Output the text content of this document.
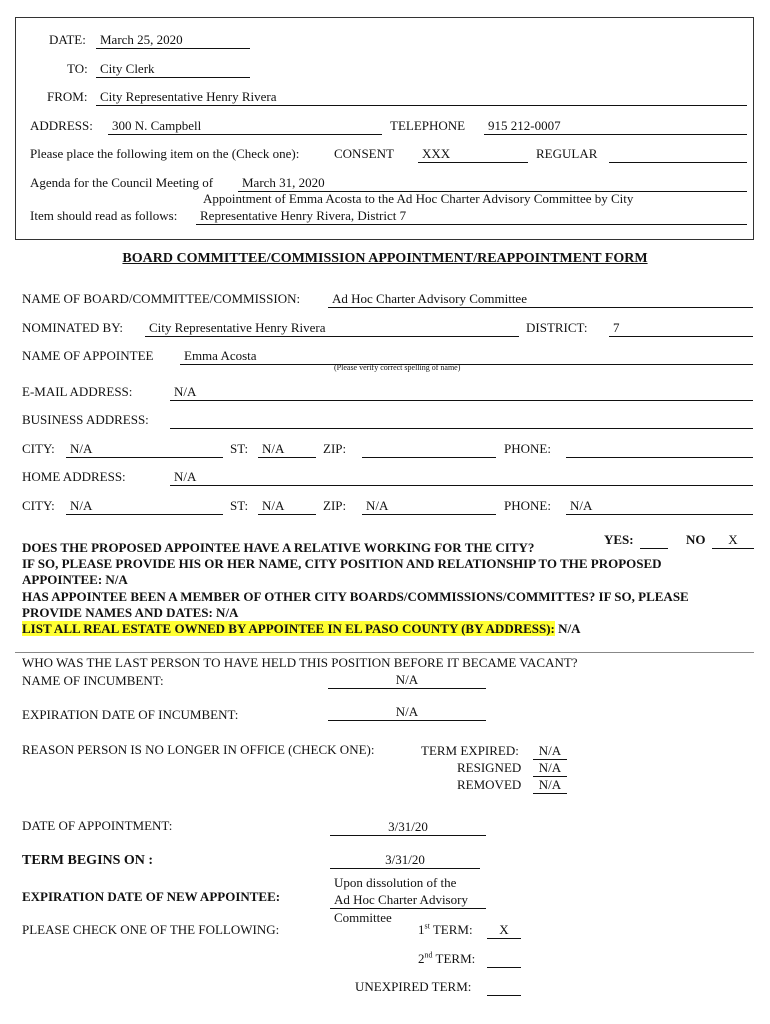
DATE:	March 25, 2020
TO: City Clerk
FROM: City Representative Henry Rivera
ADDRESS:	300 N. Campbell	TELEPHONE	915 212-0007
Please place the following item on the (Check one):	CONSENT	XXX	REGULAR
Agenda for the Council Meeting of	March 31, 2020
Appointment of Emma Acosta to the Ad Hoc Charter Advisory Committee by City
Item should read as follows:	Representative Henry Rivera, District 7
BOARD COMMITTEE/COMMISSION APPOINTMENT/REAPPOINTMENT FORM
NAME OF BOARD/COMMITTEE/COMMISSION:	Ad Hoc Charter Advisory Committee
NOMINATED BY:	City Representative Henry Rivera	DISTRICT:	7
NAME OF APPOINTEE	Emma Acosta
(Please verify correct spelling of name)
E-MAIL ADDRESS:	N/A
BUSINESS ADDRESS:
CITY:	N/A	ST:	N/A	ZIP:	PHONE:
HOME ADDRESS:	N/A
CITY:	N/A	ST:	N/A	ZIP:	N/A	PHONE:	N/A
YES:	NO	X
DOES THE PROPOSED APPOINTEE HAVE A RELATIVE WORKING FOR THE CITY?
IF SO, PLEASE PROVIDE HIS OR HER NAME, CITY POSITION AND RELATIONSHIP TO THE PROPOSED
APPOINTEE: N/A
HAS APPOINTEE BEEN A MEMBER OF OTHER CITY BOARDS/COMMISSIONS/COMMITTES? IF SO, PLEASE
PROVIDE NAMES AND DATES: N/A
LIST ALL REAL ESTATE OWNED BY APPOINTEE IN EL PASO COUNTY (BY ADDRESS): N/A
WHO WAS THE LAST PERSON TO HAVE HELD THIS POSITION BEFORE IT BECAME VACANT?
NAME OF INCUMBENT:	N/A
EXPIRATION DATE OF INCUMBENT:	N/A
REASON PERSON IS NO LONGER IN OFFICE (CHECK ONE):	TERM EXPIRED:	N/A
RESIGNED	N/A
REMOVED	N/A
DATE OF APPOINTMENT:	3/31/20
TERM BEGINS ON :	3/31/20
Upon dissolution of the
EXPIRATION DATE OF NEW APPOINTEE:	Ad Hoc Charter Advisory
Committee
PLEASE CHECK ONE OF THE FOLLOWING:	1st TERM:	X
2nd TERM:
UNEXPIRED TERM:
